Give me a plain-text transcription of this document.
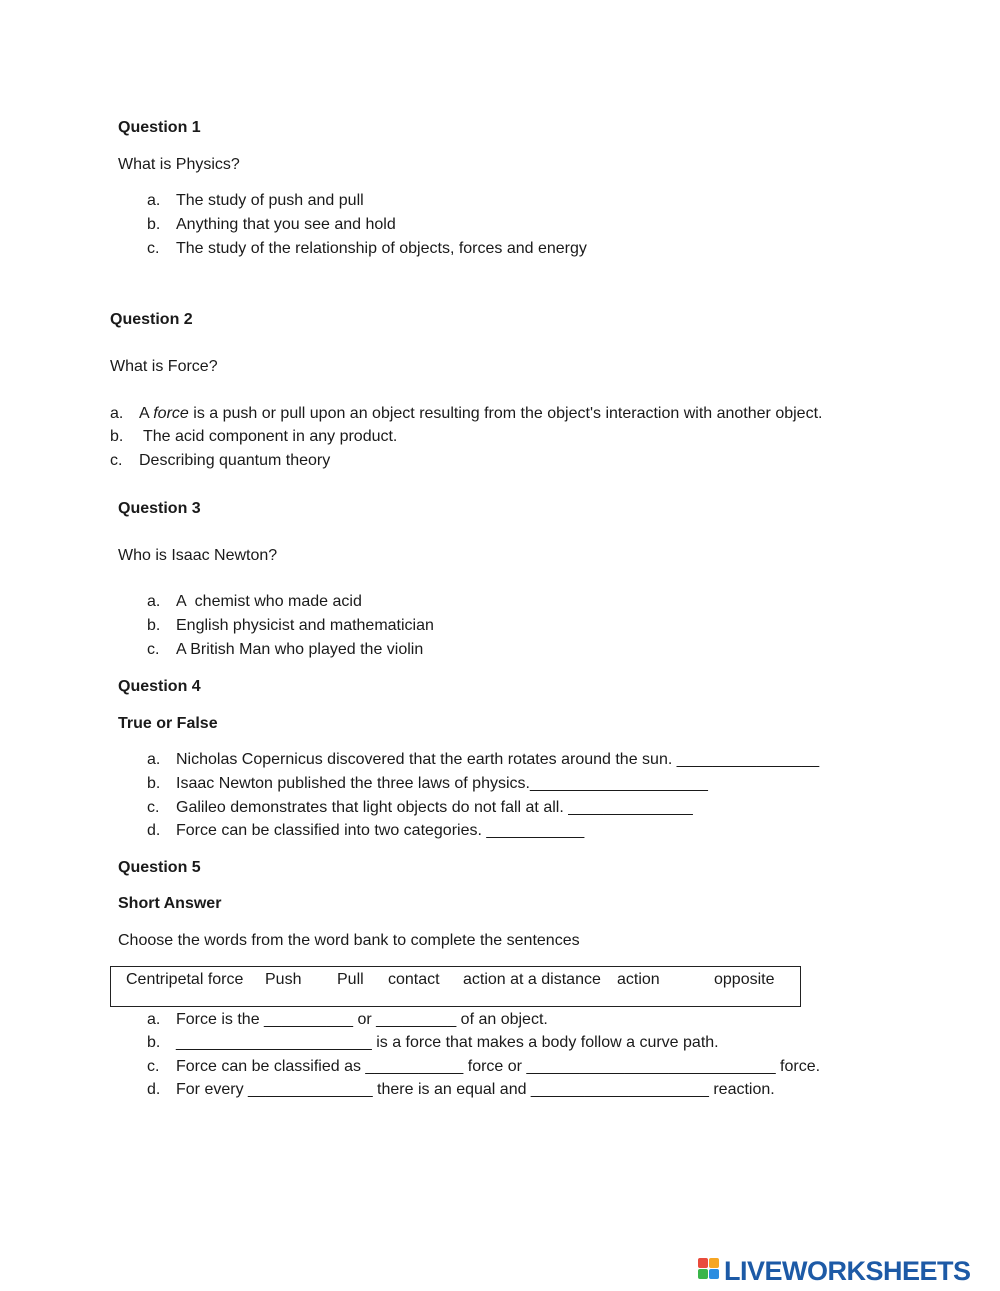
Question 1
What is Physics?
a. The study of push and pull
b. Anything that you see and hold
c. The study of the relationship of objects, forces and energy
Question 2
What is Force?
a. A force is a push or pull upon an object resulting from the object's interaction with another object.
b. The acid component in any product.
c. Describing quantum theory
Question 3
Who is Isaac Newton?
a. A  chemist who made acid
b. English physicist and mathematician
c. A British Man who played the violin
Question 4
True or False
a. Nicholas Copernicus discovered that the earth rotates around the sun. ________________
b. Isaac Newton published the three laws of physics.____________________
c. Galileo demonstrates that light objects do not fall at all. ______________
d. Force can be classified into two categories. ___________
Question 5
Short Answer
Choose the words from the word bank to complete the sentences
Centripetal force Push Pull contact action at a distance action	opposite
a. Force is the __________ or _________ of an object.
b. ______________________ is a force that makes a body follow a curve path.
c. Force can be classified as ___________ force or ____________________________ force.
d. For every ______________ there is an equal and ____________________ reaction.
LIVEWORKSHEETS
